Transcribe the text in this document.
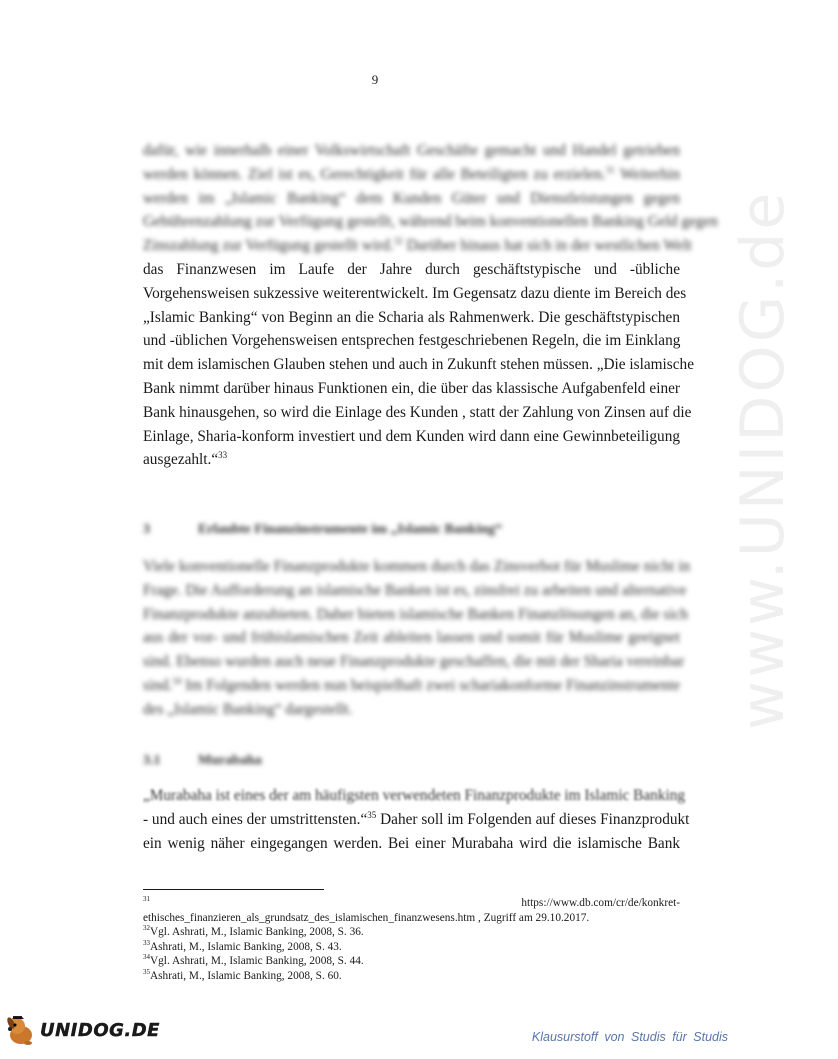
www.UNIDOG.de
9
dafür, wie innerhalb einer Volkswirtschaft Geschäfte gemacht und Handel getrieben
werden können. Ziel ist es, Gerechtigkeit für alle Beteiligten zu erzielen.$^{31}$ Weiterhin
werden im „Islamic Banking“ dem Kunden Güter und Dienstleistungen gegen
Gebührenzahlung zur Verfügung gestellt, während beim konventionellen Banking Geld gegen
Zinszahlung zur Verfügung gestellt wird.$^{32}$ Darüber hinaus hat sich in der westlichen Welt
das Finanzwesen im Laufe der Jahre durch geschäftstypische und -übliche
Vorgehensweisen sukzessive weiterentwickelt. Im Gegensatz dazu diente im Bereich des
„Islamic Banking“ von Beginn an die Scharia als Rahmenwerk. Die geschäftstypischen
und -üblichen Vorgehensweisen entsprechen festgeschriebenen Regeln, die im Einklang
mit dem islamischen Glauben stehen und auch in Zukunft stehen müssen. „Die islamische
Bank nimmt darüber hinaus Funktionen ein, die über das klassische Aufgabenfeld einer
Bank hinausgehen, so wird die Einlage des Kunden , statt der Zahlung von Zinsen auf die
Einlage, Sharia-konform investiert und dem Kunden wird dann eine Gewinnbeteiligung
ausgezahlt.“$^{33}$
3	Erlaubte Finanzinstrumente im „Islamic Banking“
Viele konventionelle Finanzprodukte kommen durch das Zinsverbot für Muslime nicht in
Frage. Die Aufforderung an islamische Banken ist es, zinsfrei zu arbeiten und alternative
Finanzprodukte anzubieten. Daher bieten islamische Banken Finanzlösungen an, die sich
aus der vor- und frühislamischen Zeit ableiten lassen und somit für Muslime geeignet
sind. Ebenso wurden auch neue Finanzprodukte geschaffen, die mit der Sharia vereinbar
sind.$^{34}$ Im Folgenden werden nun beispielhaft zwei schariakonforme Finanzinstrumente
des „Islamic Banking“ dargestellt.
3.1	Murabaha
„Murabaha ist eines der am häufigsten verwendeten Finanzprodukte im Islamic Banking
- und auch eines der umstrittensten.“$^{35}$ Daher soll im Folgenden auf dieses Finanzprodukt
ein wenig näher eingegangen werden. Bei einer Murabaha wird die islamische Bank
$^{31}$	https://www.db.com/cr/de/konkret-
ethisches_finanzieren_als_grundsatz_des_islamischen_finanzwesens.htm , Zugriff am 29.10.2017.
$^{32}$Vgl. Ashrati, M., Islamic Banking, 2008, S. 36.
$^{33}$Ashrati, M., Islamic Banking, 2008, S. 43.
$^{34}$Vgl. Ashrati, M., Islamic Banking, 2008, S. 44.
$^{35}$Ashrati, M., Islamic Banking, 2008, S. 60.
UNIDOG.DE	Klausurstoff von Studis für Studis
